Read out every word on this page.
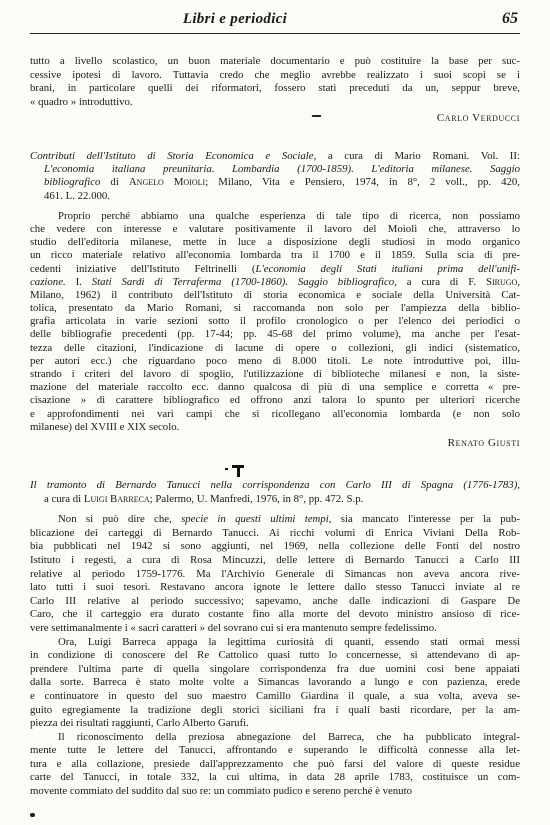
Libri e periodici	65
tutto a livello scolastico, un buon materiale documentario e può costituire la base per suc-
cessive ipotesi di lavoro. Tuttavia credo che meglio avrebbe realizzato i suoi scopi se i
brani, in particolare quelli dei riformatori, fossero stati preceduti da un, seppur breve,
« quadro » introduttivo.
Carlo Verducci
Contributi dell'Istituto di Storia Economica e Sociale, a cura di Mario Romani. Vol. II:
L'economia italiana preunitaria. Lombardia (1700-1859). L'editoria milanese. Saggio
bibliografico di Angelo Moioli; Milano, Vita e Pensiero, 1974, in 8°, 2 voll., pp. 420,
461. L. 22.000.
Proprio perché abbiamo una qualche esperienza di tale tipo di ricerca, non possiamo
che vedere con interesse e valutare positivamente il lavoro del Moioli che, attraverso lo
studio dell'editoria milanese, mette in luce a disposizione degli studiosi in modo organico
un ricco materiale relativo all'economia lombarda tra il 1700 e il 1859. Sulla scia di pre-
cedenti iniziative dell'Istituto Feltrinelli (L'economia degli Stati italiani prima dell'unifi-
cazione. I. Stati Sardi di Terraferma (1700-1860). Saggio bibliografico, a cura di F. Sirugo,
Milano, 1962) il contributo dell'Istituto di storia economica e sociale della Università Cat-
tolica, presentato da Mario Romani, si raccomanda non solo per l'ampiezza della biblio-
grafia articolata in varie sezioni sotto il profilo cronologico o per l'elenco dei periodici o
delle bibliografie precedenti (pp. 17-44; pp. 45-68 del primo volume), ma anche per l'esat-
tezza delle citazioni, l'indicazione di lacune di opere o collezioni, gli indici (sistematico,
per autori ecc.) che riguardano poco meno di 8.000 titoli. Le note introduttive poi, illu-
strando i criteri del lavoro di spoglio, l'utilizzazione di biblioteche milanesi e non, la siste-
mazione del materiale raccolto ecc. danno qualcosa di più di una semplice e corretta « pre-
cisazione » di carattere bibliografico ed offrono anzi talora lo spunto per ulteriori ricerche
e approfondimenti nei vari campi che si ricollegano all'economia lombarda (e non solo
milanese) del XVIII e XIX secolo.
Renato Giusti
Il tramonto di Bernardo Tanucci nella corrispondenza con Carlo III di Spagna (1776-1783),
a cura di Luigi Barreca; Palermo, U. Manfredi, 1976, in 8°, pp. 472. S.p.
Non si può dire che, specie in questi ultimi tempi, sia mancato l'interesse per la pub-
blicazione dei carteggi di Bernardo Tanucci. Ai ricchi volumi di Enrica Viviani Della Rob-
bia pubblicati nel 1942 si sono aggiunti, nel 1969, nella collezione delle Fonti del nostro
Istituto i regesti, a cura di Rosa Mincuzzi, delle lettere di Bernardo Tanucci a Carlo III
relative al periodo 1759-1776. Ma l'Archivio Generale di Simancas non aveva ancora rive-
lato tutti i suoi tesori. Restavano ancora ignote le lettere dallo stesso Tanucci inviate al re
Carlo III relative al periodo successivo; sapevamo, anche dalle indicazioni di Gaspare De
Caro, che il carteggio era durato costante fino alla morte del devoto ministro ansioso di rice-
vere settimanalmente i « sacri caratteri » del sovrano cui si era mantenuto sempre fedelissimo.
Ora, Luigi Barreca appaga la legittima curiosità di quanti, essendo stati ormai messi
in condizione di conoscere del Re Cattolico quasi tutto lo concernesse, si attendevano di ap-
prendere l'ultima parte di quella singolare corrispondenza fra due uomini così bene appaiati
dalla sorte. Barreca è stato molte volte a Simancas lavorando a lungo e con pazienza, erede
e continuatore in questo del suo maestro Camillo Giardina il quale, a sua volta, aveva se-
guito egregiamente la tradizione degli storici siciliani fra i quali basti ricordare, per la am-
piezza dei risultati raggiunti, Carlo Alberto Garufi.
Il riconoscimento della preziosa abnegazione del Barreca, che ha pubblicato integral-
mente tutte le lettere del Tanucci, affrontando e superando le difficoltà connesse alla let-
tura e alla collazione, presiede dall'apprezzamento che può farsi del valore di queste residue
carte del Tanucci, in totale 332, la cui ultima, in data 28 aprile 1783, costituisce un com-
movente commiato del suddito dal suo re: un commiato pudico e sereno perché è venuto
